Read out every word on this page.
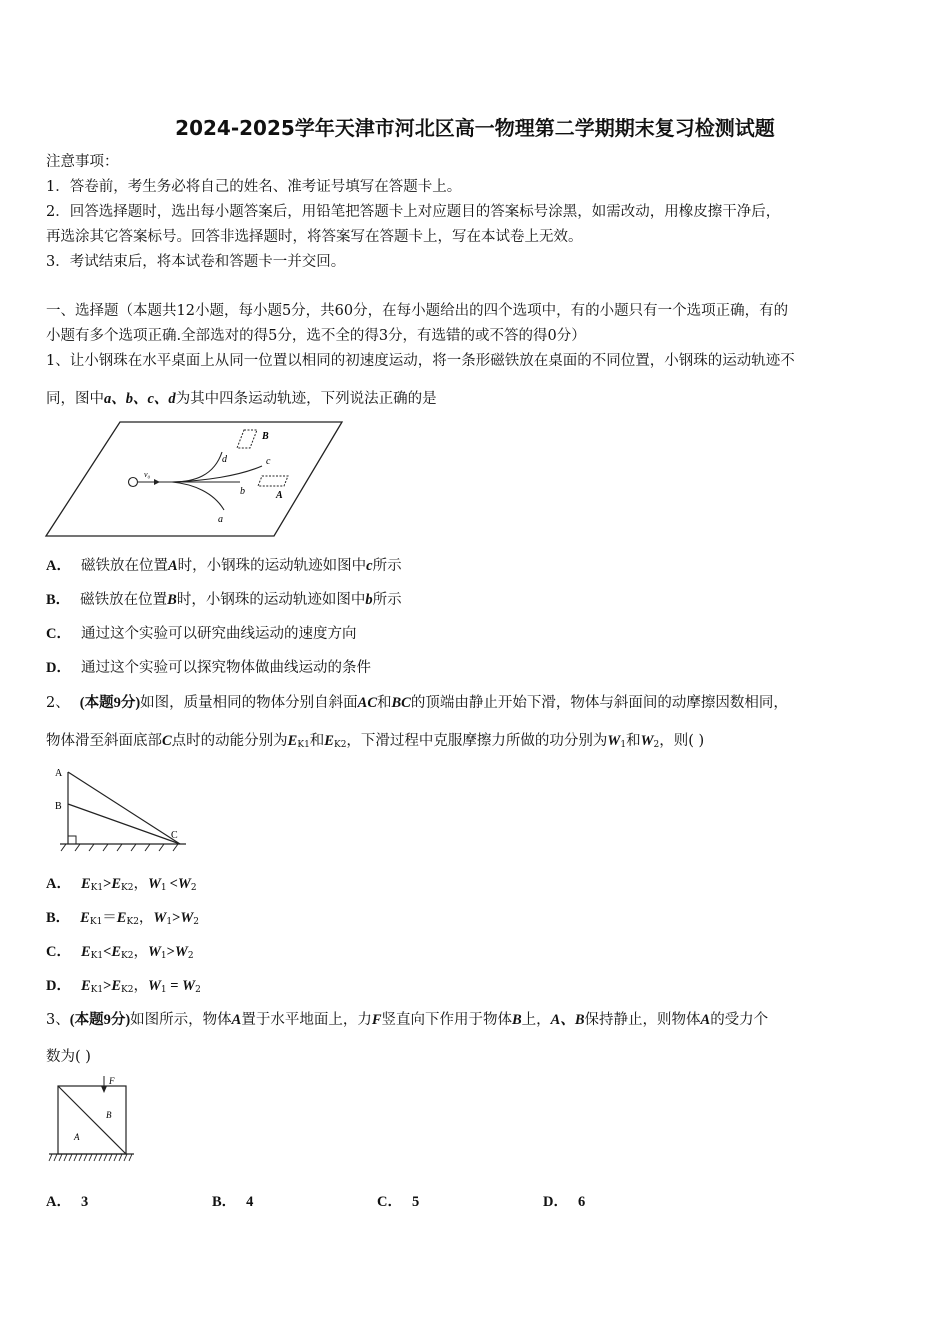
2024-2025学年天津市河北区高一物理第二学期期末复习检测试题
注意事项：
1．答卷前，考生务必将自己的姓名、准考证号填写在答题卡上。
2．回答选择题时，选出每小题答案后，用铅笔把答题卡上对应题目的答案标号涂黑，如需改动，用橡皮擦干净后，
再选涂其它答案标号。回答非选择题时，将答案写在答题卡上，写在本试卷上无效。
3．考试结束后，将本试卷和答题卡一并交回。
一、选择题（本题共12小题，每小题5分，共60分，在每小题给出的四个选项中，有的小题只有一个选项正确，有的
小题有多个选项正确.全部选对的得5分，选不全的得3分，有选错的或不答的得0分）
1、让小钢珠在水平桌面上从同一位置以相同的初速度运动，将一条形磁铁放在桌面的不同位置，小钢珠的运动轨迹不
同，图中a、b、c、d为其中四条运动轨迹，下列说法正确的是
v₀
d	c
b
a
B
A
A． 磁铁放在位置A时，小钢珠的运动轨迹如图中c所示
B． 磁铁放在位置B时，小钢珠的运动轨迹如图中b所示
C． 通过这个实验可以研究曲线运动的速度方向
D． 通过这个实验可以探究物体做曲线运动的条件
2、 (本题9分)如图，质量相同的物体分别自斜面AC和BC的顶端由静止开始下滑，物体与斜面间的动摩擦因数相同，
物体滑至斜面底部C点时的动能分别为$E_{K1}$和$E_{K2}$，下滑过程中克服摩擦力所做的功分别为$W_1$和$W_2$，则( )
A
B
C
A． $E_{K1}>E_{K2}$，$W_1 <W_2$
B． $E_{K1}=E_{K2}$，$W_1>W_2$
C． $E_{K1}<E_{K2}$，$W_1>W_2$
D． $E_{K1}>E_{K2}$，$W_1 = W_2$
3、(本题9分)如图所示，物体A置于水平地面上，力F竖直向下作用于物体B上，A、B保持静止，则物体A的受力个
数为( )
F
B
A
A． 3	B． 4	C． 5	D． 6
